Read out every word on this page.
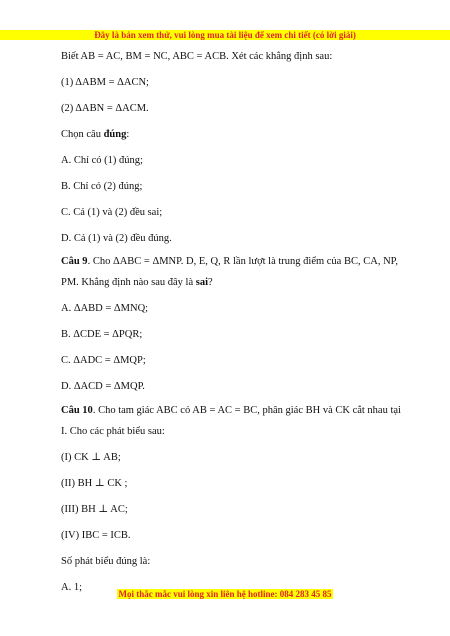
Đây là bản xem thử, vui lòng mua tài liệu để xem chi tiết (có lời giải)
Biết AB = AC, BM = NC, ABC = ACB. Xét các khẳng định sau:
(1) ΔABM = ΔACN;
(2) ΔABN = ΔACM.
Chọn câu đúng:
A. Chỉ có (1) đúng;
B. Chỉ có (2) đúng;
C. Cả (1) và (2) đều sai;
D. Cả (1) và (2) đều đúng.
Câu 9. Cho ΔABC = ΔMNP. D, E, Q, R lần lượt là trung điểm của BC, CA, NP,
PM. Khẳng định nào sau đây là sai?
A. ΔABD = ΔMNQ;
B. ΔCDE = ΔPQR;
C. ΔADC = ΔMQP;
D. ΔACD = ΔMQP.
Câu 10. Cho tam giác ABC có AB = AC = BC, phân giác BH và CK cắt nhau tại
I. Cho các phát biểu sau:
(I) CK ⊥ AB;
(II) BH ⊥ CK ;
(III) BH ⊥ AC;
(IV) IBC = ICB.
Số phát biểu đúng là:
A. 1;
Mọi thắc mắc vui lòng xin liên hệ hotline: 084 283 45 85
